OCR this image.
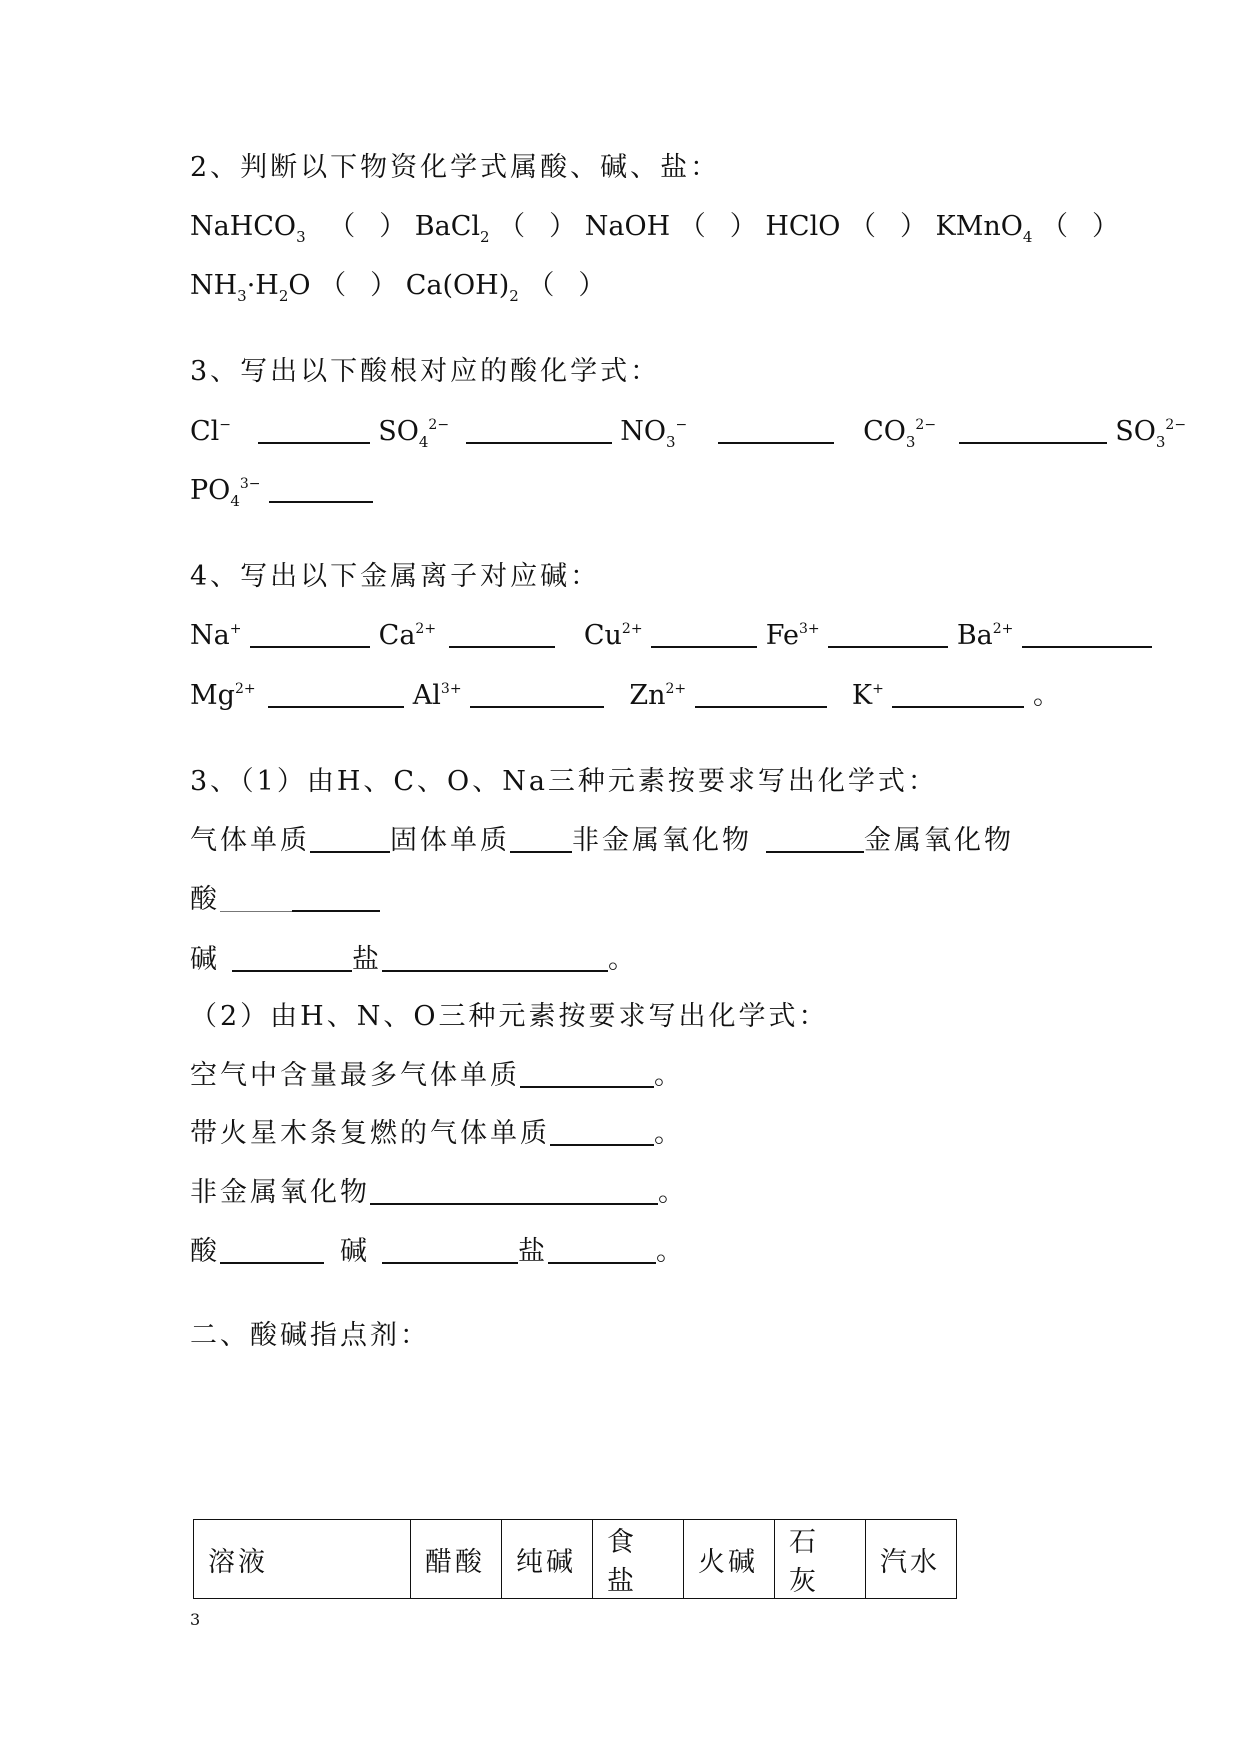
2、判断以下物资化学式属酸、碱、盐：
NaHCO$_3$ （ ） BaCl$_2$ （ ） NaOH （ ） HClO （ ） KMnO$_4$ （ ）
$NH_3\cdot H_2O$ （ ） $Ca(OH)_2$ （ ）
3、写出以下酸根对应的酸化学式：
Cl−	$SO_4^{2-}$	$NO_3^-$	$CO_3^{2-}$	$SO_3^{2-}$
$PO_4^{3-}$
4、写出以下金属离子对应碱：
Na+	$Ca^{2+}$	$Cu^{2+}$	$Fe^{3+}$	$Ba^{2+}$
$Mg^{2+}$	$Al^{3+}$	$Zn^{2+}$	K+	。
3、（1）由H、C、O、Na三种元素按要求写出化学式：
气体单质	固体单质 非金属氧化物	金属氧化物
酸
碱	盐	。
（2）由H、N、O三种元素按要求写出化学式：
空气中含量最多气体单质	。
带火星木条复燃的气体单质	。
非金属氧化物	。
酸	碱	盐	。
二、酸碱指点剂：
溶液	醋酸	纯碱	食　盐	火碱	石　灰	汽水
3
